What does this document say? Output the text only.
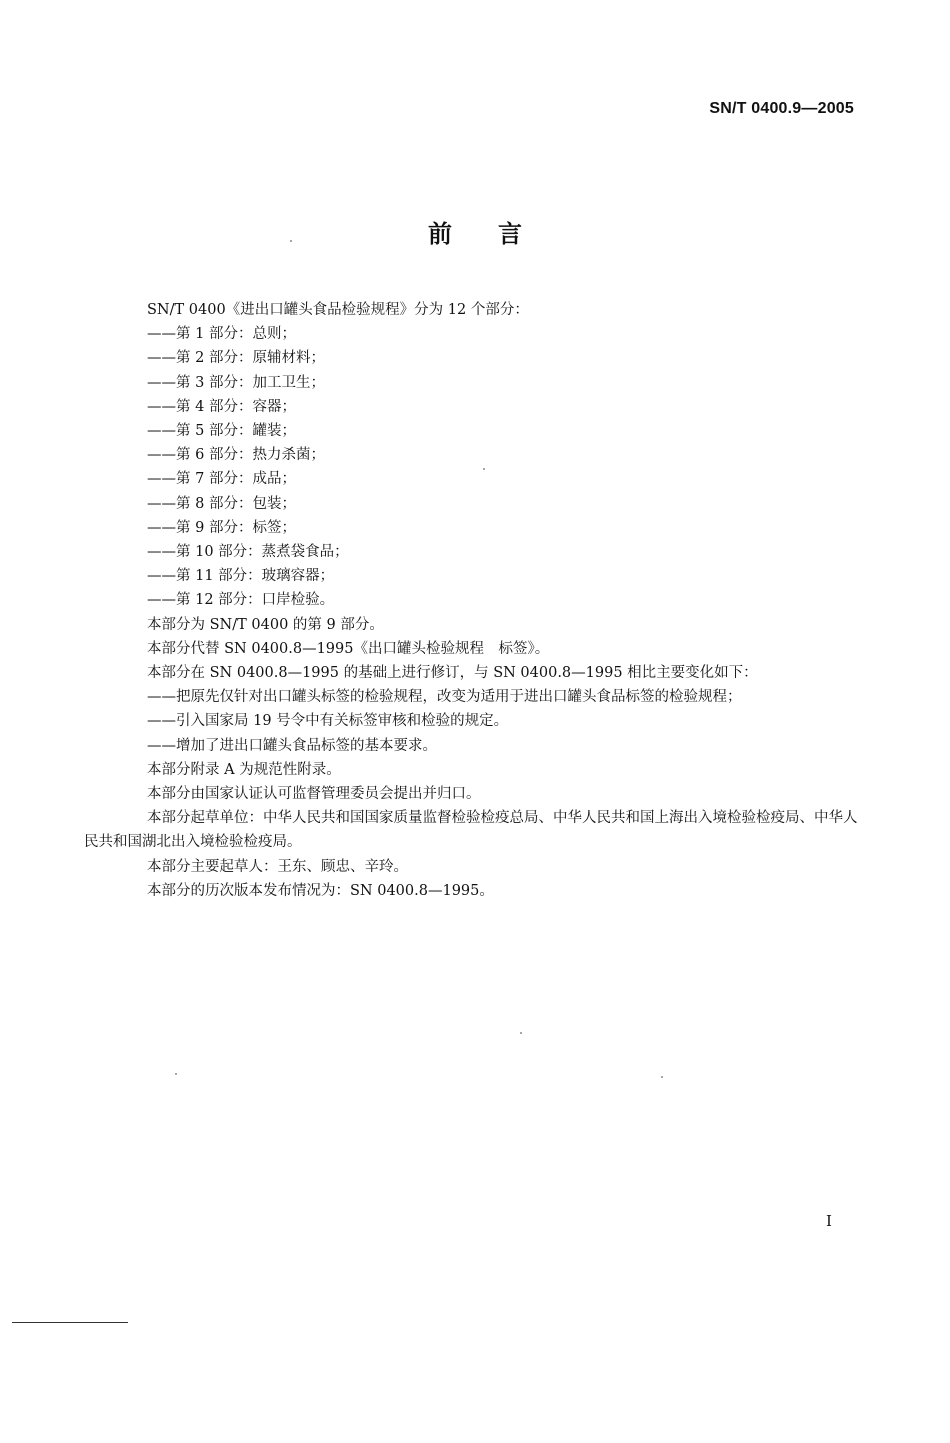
SN/T 0400.9—2005
前言
SN/T 0400《进出口罐头食品检验规程》分为 12 个部分：
——第 1 部分：总则；
——第 2 部分：原辅材料；
——第 3 部分：加工卫生；
——第 4 部分：容器；
——第 5 部分：罐装；
——第 6 部分：热力杀菌；
——第 7 部分：成品；
——第 8 部分：包装；
——第 9 部分：标签；
——第 10 部分：蒸煮袋食品；
——第 11 部分：玻璃容器；
——第 12 部分：口岸检验。
本部分为 SN/T 0400 的第 9 部分。
本部分代替 SN 0400.8—1995《出口罐头检验规程　标签》。
本部分在 SN 0400.8—1995 的基础上进行修订，与 SN 0400.8—1995 相比主要变化如下：
——把原先仅针对出口罐头标签的检验规程，改变为适用于进出口罐头食品标签的检验规程；
——引入国家局 19 号令中有关标签审核和检验的规定。
——增加了进出口罐头食品标签的基本要求。
本部分附录 A 为规范性附录。
本部分由国家认证认可监督管理委员会提出并归口。
本部分起草单位：中华人民共和国国家质量监督检验检疫总局、中华人民共和国上海出入境检验检疫局、中华人民共和国湖北出入境检验检疫局。
本部分主要起草人：王东、顾忠、辛玲。
本部分的历次版本发布情况为：SN 0400.8—1995。
I
